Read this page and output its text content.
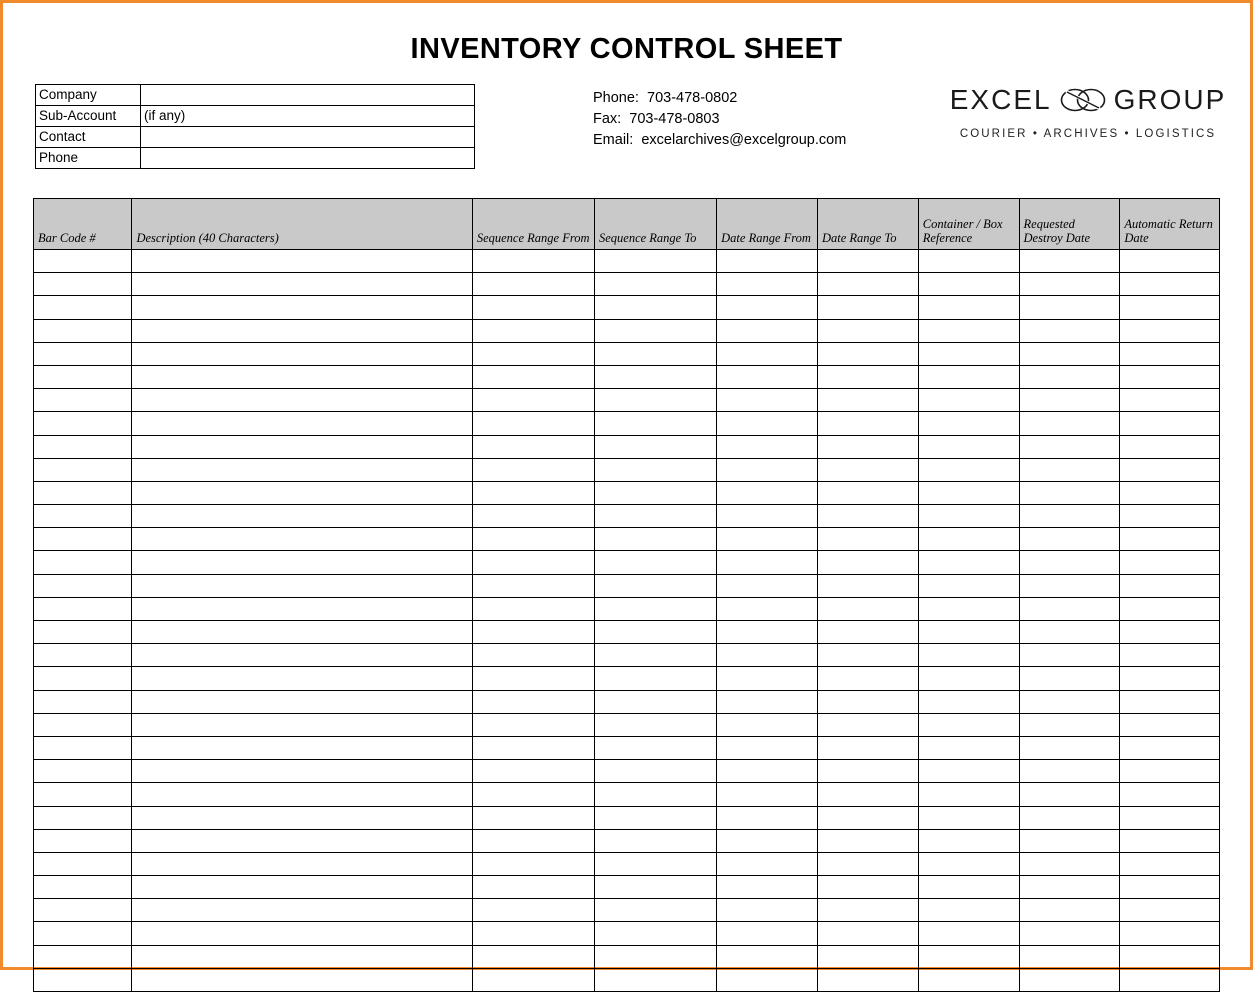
INVENTORY CONTROL SHEET
Company	
Sub-Account	(if any)
Contact	
Phone	
Phone: 703-478-0802
Fax: 703-478-0803
Email: excelarchives@excelgroup.com
EXCEL GROUP
COURIER • ARCHIVES • LOGISTICS
Bar Code #	Description (40 Characters)	Sequence Range From	Sequence Range To	Date Range From	Date Range To	Container / Box Reference	Requested Destroy Date	Automatic Return Date
